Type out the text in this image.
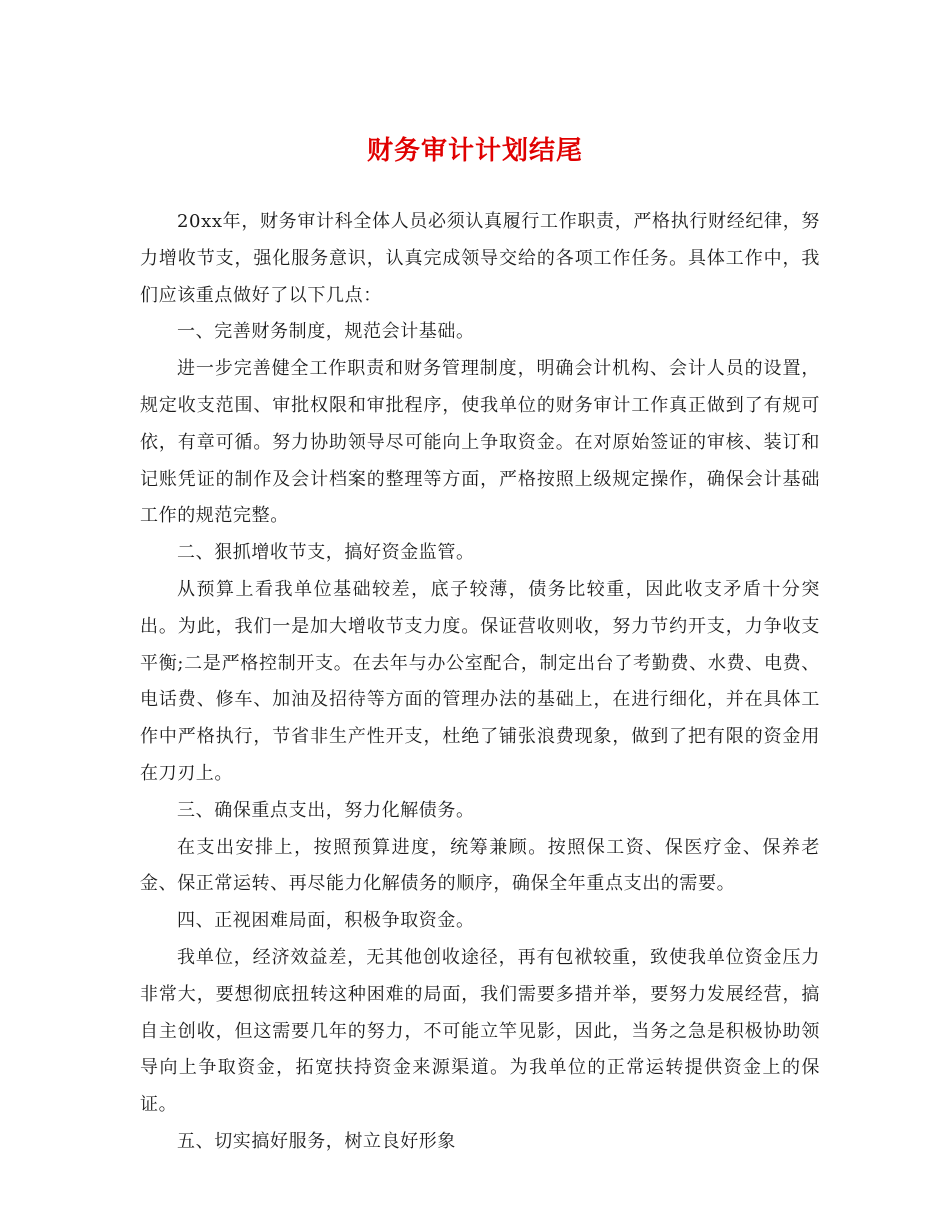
财务审计计划结尾

20xx年，财务审计科全体人员必须认真履行工作职责，严格执行财经纪律，努力增收节支，强化服务意识，认真完成领导交给的各项工作任务。具体工作中，我们应该重点做好了以下几点：

一、完善财务制度，规范会计基础。

进一步完善健全工作职责和财务管理制度，明确会计机构、会计人员的设置，规定收支范围、审批权限和审批程序，使我单位的财务审计工作真正做到了有规可依，有章可循。努力协助领导尽可能向上争取资金。在对原始签证的审核、装订和记账凭证的制作及会计档案的整理等方面，严格按照上级规定操作，确保会计基础工作的规范完整。

二、狠抓增收节支，搞好资金监管。

从预算上看我单位基础较差，底子较薄，债务比较重，因此收支矛盾十分突出。为此，我们一是加大增收节支力度。保证营收则收，努力节约开支，力争收支平衡;二是严格控制开支。在去年与办公室配合，制定出台了考勤费、水费、电费、电话费、修车、加油及招待等方面的管理办法的基础上，在进行细化，并在具体工作中严格执行，节省非生产性开支，杜绝了铺张浪费现象，做到了把有限的资金用在刀刃上。

三、确保重点支出，努力化解债务。

在支出安排上，按照预算进度，统筹兼顾。按照保工资、保医疗金、保养老金、保正常运转、再尽能力化解债务的顺序，确保全年重点支出的需要。

四、正视困难局面，积极争取资金。

我单位，经济效益差，无其他创收途径，再有包袱较重，致使我单位资金压力非常大，要想彻底扭转这种困难的局面，我们需要多措并举，要努力发展经营，搞自主创收，但这需要几年的努力，不可能立竿见影，因此，当务之急是积极协助领导向上争取资金，拓宽扶持资金来源渠道。为我单位的正常运转提供资金上的保证。

五、切实搞好服务，树立良好形象
